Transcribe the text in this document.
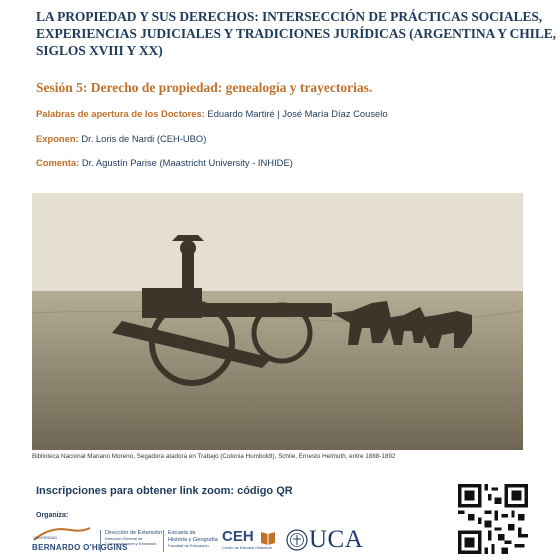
LA PROPIEDAD Y SUS DERECHOS: INTERSECCIÓN DE PRÁCTICAS SOCIALES,
EXPERIENCIAS JUDICIALES Y TRADICIONES JURÍDICAS (ARGENTINA Y CHILE,
SIGLOS XVIII Y XX)
Sesión 5: Derecho de propiedad: genealogía y trayectorias.
Palabras de apertura de los Doctores: Eduardo Martiré | José María Díaz Couselo
Exponen: Dr. Loris de Nardi (CEH-UBO)
Comenta: Dr. Agustín Parise (Maastricht University - INHIDE)
Biblioteca Nacional Mariano Moreno, Segadora atadora en Trabajo (Colonia Humboldt), Schlie, Ernesto Helmuth, entre 1888-1892
Inscripciones para obtener link zoom: código QR
Organiza:
UNIVERSIDAD
BERNARDO O'HIGGINS
Dirección de Extensión
Dirección General de
Comunicaciones y Extensión
Escuela de
Historia y Geografía
Facultad de Educación
CEH
Centro de Estudios Históricos UCA
